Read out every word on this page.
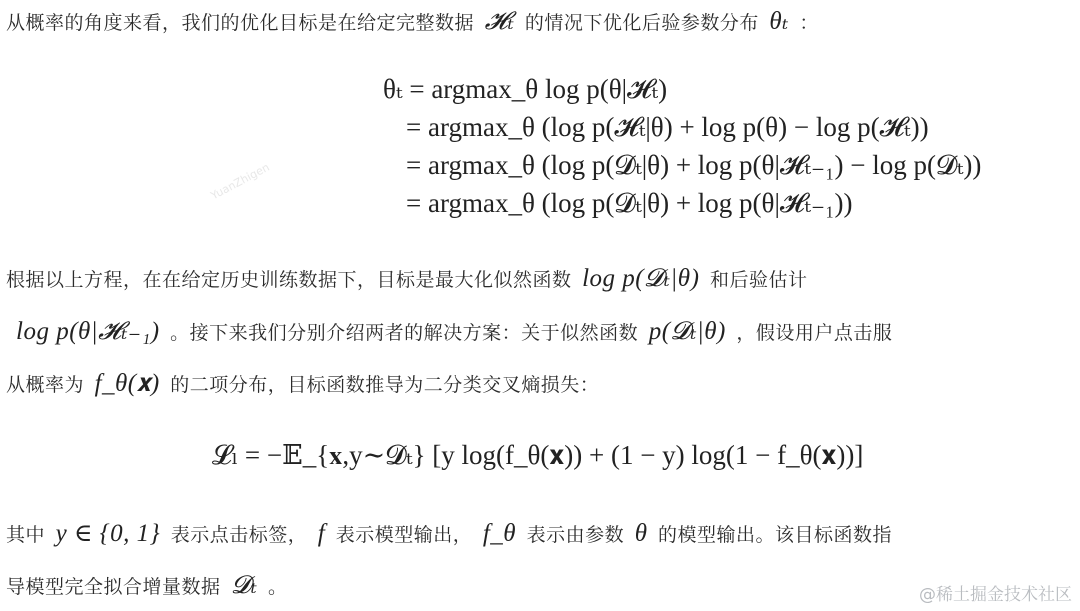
从概率的角度来看，我们的优化目标是在给定完整数据 𝓗ₜ 的情况下优化后验参数分布 θₜ ：
θₜ = argmax_θ log p(θ|𝓗ₜ)
= argmax_θ (log p(𝓗ₜ|θ) + log p(θ) − log p(𝓗ₜ))
= argmax_θ (log p(𝓓ₜ|θ) + log p(θ|𝓗ₜ₋₁) − log p(𝓓ₜ))
= argmax_θ (log p(𝓓ₜ|θ) + log p(θ|𝓗ₜ₋₁))
YuanZhigen
根据以上方程，在在给定历史训练数据下，目标是最大化似然函数 log p(𝓓ₜ|θ) 和后验估计
log p(θ|𝓗ₜ₋₁) 。接下来我们分别介绍两者的解决方案：关于似然函数 p(𝓓ₜ|θ) ，假设用户点击服
从概率为 f_θ(𝐱) 的二项分布，目标函数推导为二分类交叉熵损失：
𝓛ₗ = −𝔼_{𝐱,y∼𝓓ₜ} [y log(f_θ(𝐱)) + (1 − y) log(1 − f_θ(𝐱))]
其中 y ∈ {0, 1} 表示点击标签， f 表示模型输出， f_θ 表示由参数 θ 的模型输出。该目标函数指
导模型完全拟合增量数据 𝓓ₜ 。	@稀土掘金技术社区
